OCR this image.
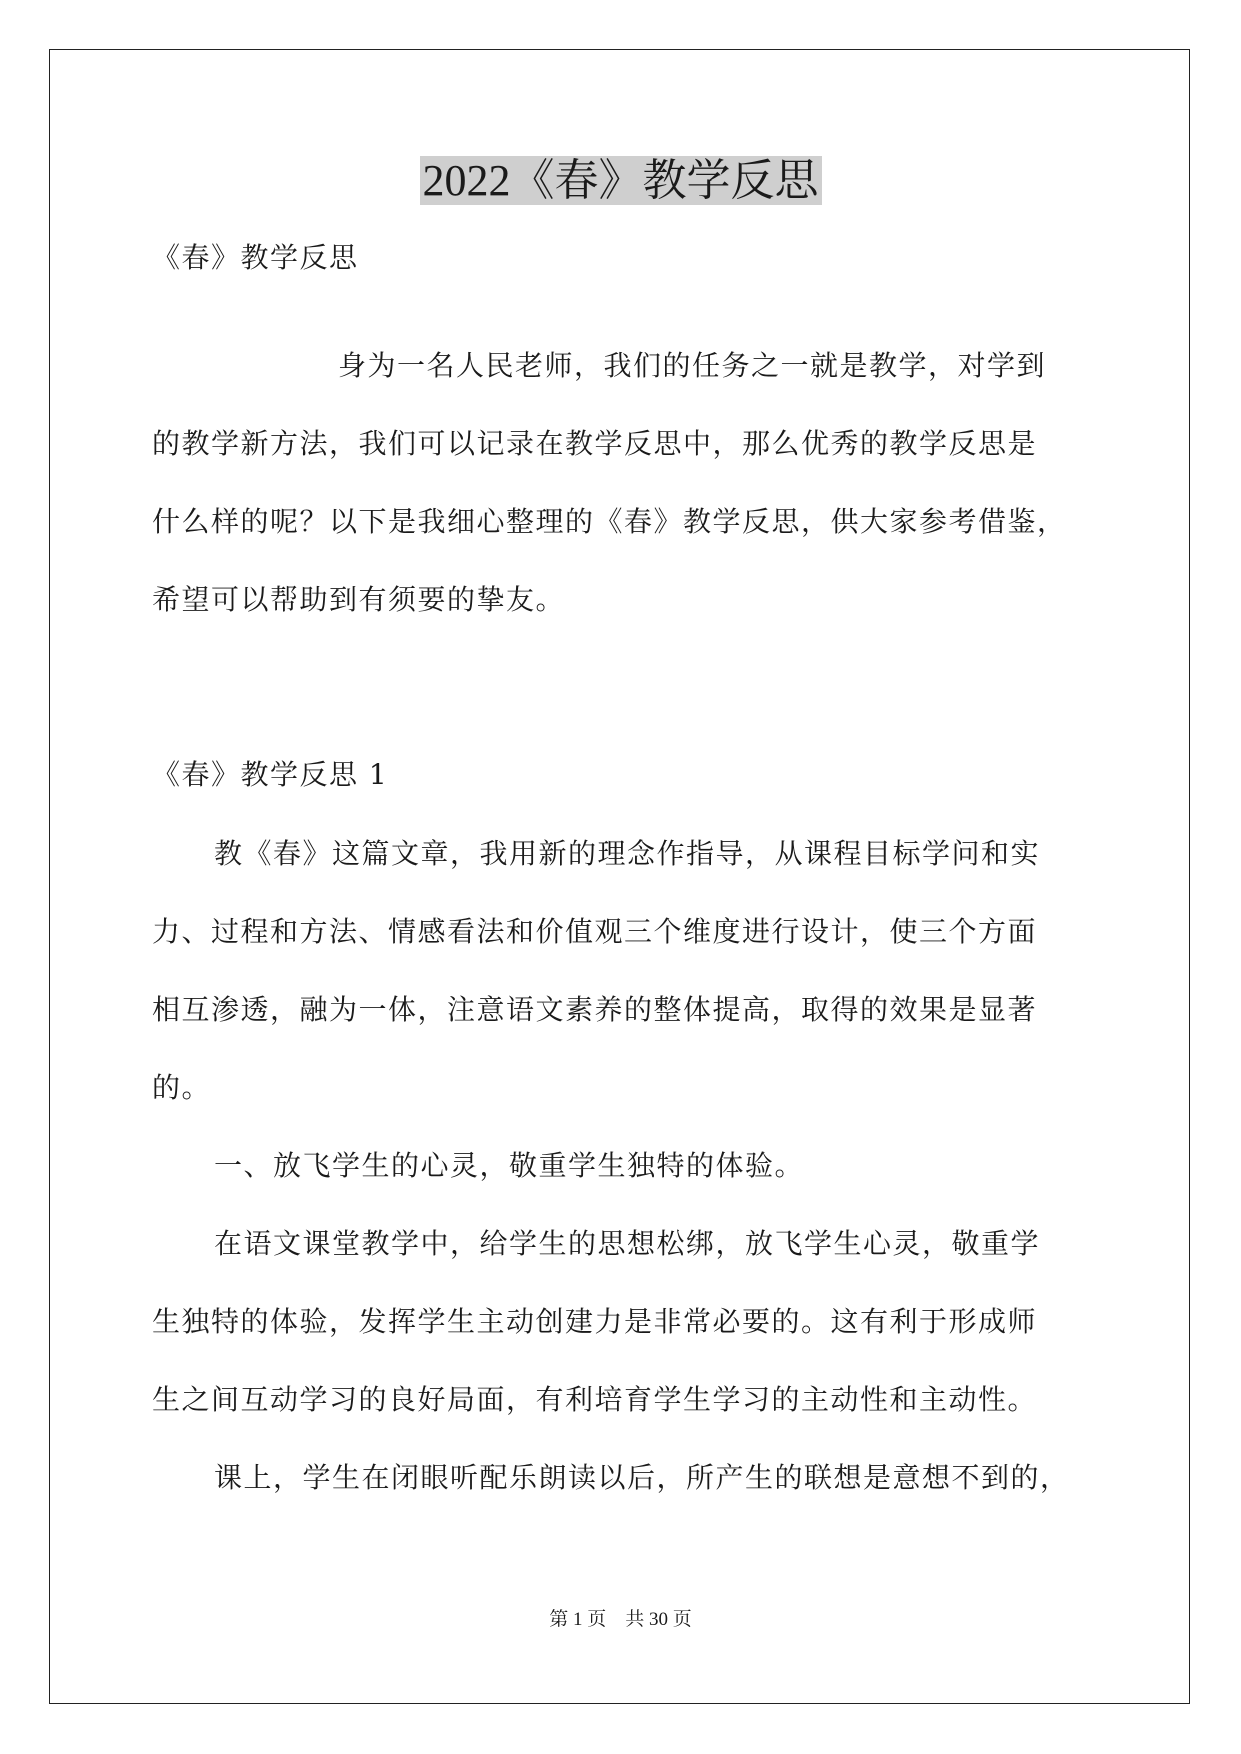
2022《春》教学反思
《春》教学反思
身为一名人民老师，我们的任务之一就是教学，对学到
的教学新方法，我们可以记录在教学反思中，那么优秀的教学反思是
什么样的呢？以下是我细心整理的《春》教学反思，供大家参考借鉴，
希望可以帮助到有须要的挚友。
《春》教学反思 1
教《春》这篇文章，我用新的理念作指导，从课程目标学问和实
力、过程和方法、情感看法和价值观三个维度进行设计，使三个方面
相互渗透，融为一体，注意语文素养的整体提高，取得的效果是显著
的。
一、放飞学生的心灵，敬重学生独特的体验。
在语文课堂教学中，给学生的思想松绑，放飞学生心灵，敬重学
生独特的体验，发挥学生主动创建力是非常必要的。这有利于形成师
生之间互动学习的良好局面，有利培育学生学习的主动性和主动性。
课上，学生在闭眼听配乐朗读以后，所产生的联想是意想不到的，
第 1 页　共 30 页
